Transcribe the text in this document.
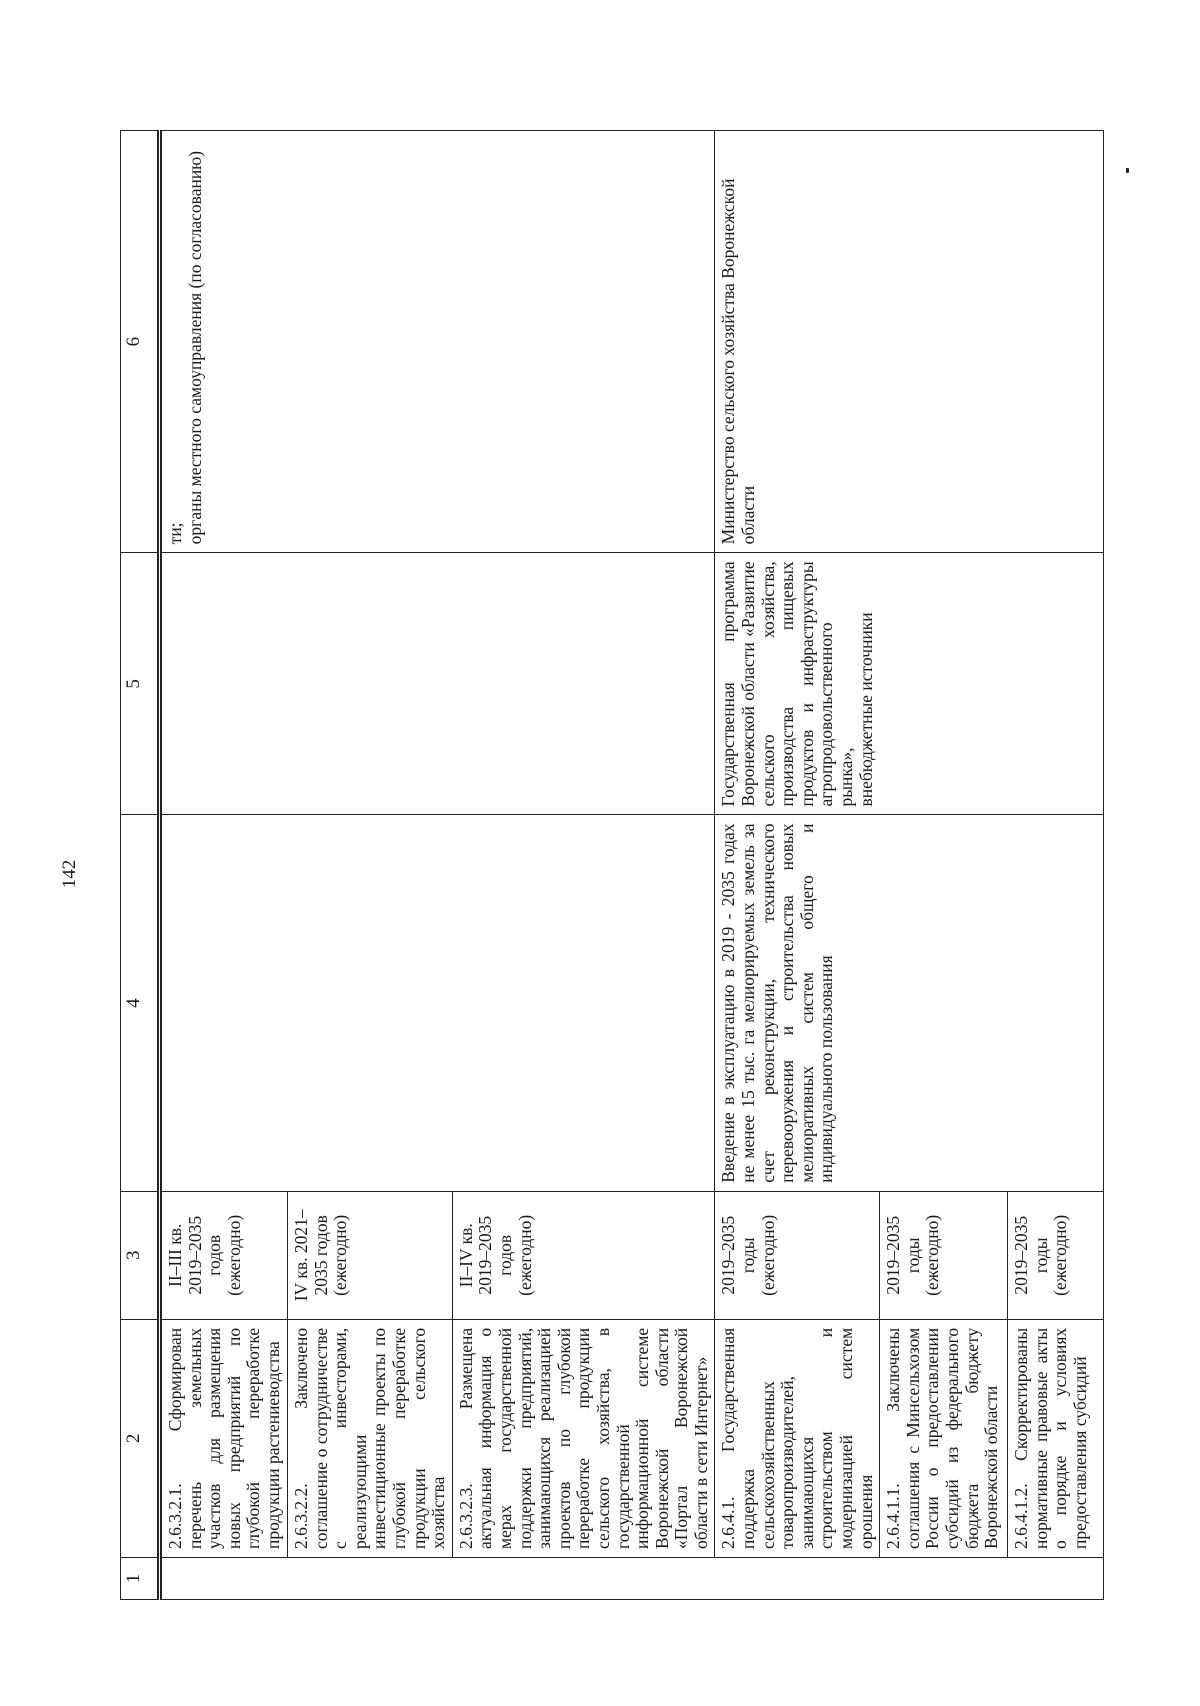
142
1	2	3	4	5	6
	2.6.3.2.1. Сформирован перечень земельных участков для размещения новых предприятий по глубокой переработке продукции растениеводства	II–III кв. 2019–2035 годов (ежегодно)			ти;
органы местного самоуправления (по согласованию)
	2.6.3.2.2. Заключено соглашение о сотрудничестве с инвесторами, реализующими инвестиционные проекты по глубокой переработке продукции сельского хозяйства	IV кв. 2021–2035 годов (ежегодно)			
	2.6.3.2.3. Размещена актуальная информация о мерах государственной поддержки предприятий, занимающихся реализацией проектов по глубокой переработке продукции сельского хозяйства, в государственной информационной системе Воронежской области «Портал Воронежской области в сети Интернет»	II–IV кв. 2019–2035 годов (ежегодно)			
	2.6.4.1. Государственная поддержка сельскохозяйственных товаропроизводителей, занимающихся строительством и модернизацией систем орошения	2019–2035 годы (ежегодно)	Введение в эксплуатацию в 2019 - 2035 годах не менее 15 тыс. га мелиорируемых земель за счет реконструкции, технического перевооружения и строительства новых мелиоративных систем общего и индивидуального пользования	Государственная программа Воронежской области «Развитие сельского хозяйства, производства пищевых продуктов и инфраструктуры агропродовольственного рынка»,
внебюджетные источники	Министерство сельского хозяйства Воронежской области
	2.6.4.1.1. Заключены соглашения с Минсельхозом России о предоставлении субсидий из федерального бюджета бюджету Воронежской области	2019–2035 годы (ежегодно)			
	2.6.4.1.2. Скорректированы нормативные правовые акты о порядке и условиях предоставления субсидий	2019–2035 годы (ежегодно)			
